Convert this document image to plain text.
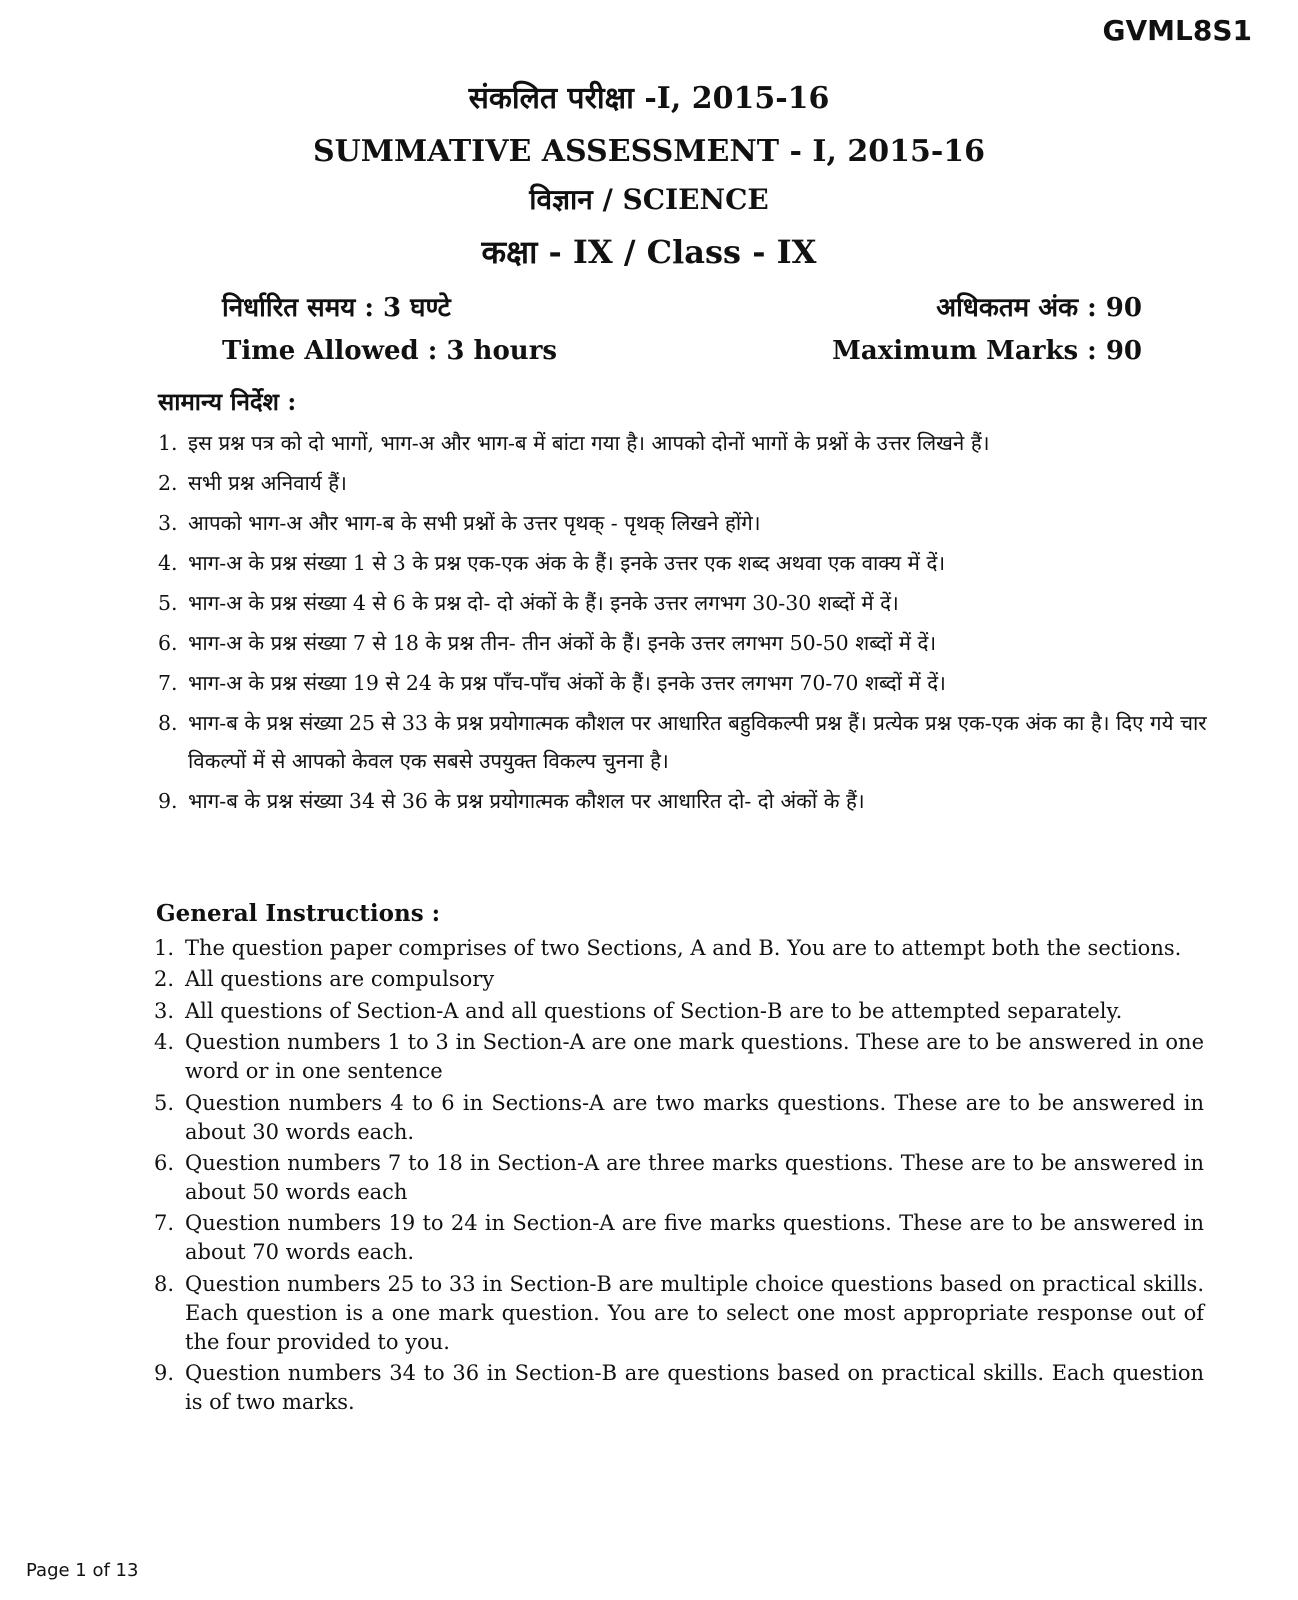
GVML8S1
संकलित परीक्षा -I, 2015-16
SUMMATIVE ASSESSMENT - I, 2015-16
विज्ञान / SCIENCE
कक्षा - IX / Class - IX
निर्धारित समय : 3 घण्टे	अधिकतम अंक : 90
Time Allowed : 3 hours	Maximum Marks : 90
सामान्य निर्देश :
1. इस प्रश्न पत्र को दो भागों, भाग-अ और भाग-ब में बांटा गया है। आपको दोनों भागों के प्रश्नों के उत्तर लिखने हैं।
2. सभी प्रश्न अनिवार्य हैं।
3. आपको भाग-अ और भाग-ब के सभी प्रश्नों के उत्तर पृथक् - पृथक् लिखने होंगे।
4. भाग-अ के प्रश्न संख्या 1 से 3 के प्रश्न एक-एक अंक के हैं। इनके उत्तर एक शब्द अथवा एक वाक्य में दें।
5. भाग-अ के प्रश्न संख्या 4 से 6 के प्रश्न दो- दो अंकों के हैं। इनके उत्तर लगभग 30-30 शब्दों में दें।
6. भाग-अ के प्रश्न संख्या 7 से 18 के प्रश्न तीन- तीन अंकों के हैं। इनके उत्तर लगभग 50-50 शब्दों में दें।
7. भाग-अ के प्रश्न संख्या 19 से 24 के प्रश्न पाँच-पाँच अंकों के हैं। इनके उत्तर लगभग 70-70 शब्दों में दें।
8. भाग-ब के प्रश्न संख्या 25 से 33 के प्रश्न प्रयोगात्मक कौशल पर आधारित बहुविकल्पी प्रश्न हैं। प्रत्येक प्रश्न एक-एक अंक का है। दिए गये चार विकल्पों में से आपको केवल एक सबसे उपयुक्त विकल्प चुनना है।
9. भाग-ब के प्रश्न संख्या 34 से 36 के प्रश्न प्रयोगात्मक कौशल पर आधारित दो- दो अंकों के हैं।
General Instructions :
1. The question paper comprises of two Sections, A and B. You are to attempt both the sections.
2. All questions are compulsory
3. All questions of Section-A and all questions of Section-B are to be attempted separately.
4. Question numbers 1 to 3 in Section-A are one mark questions. These are to be answered in one word or in one sentence
5. Question numbers 4 to 6 in Sections-A are two marks questions. These are to be answered in about 30 words each.
6. Question numbers 7 to 18 in Section-A are three marks questions. These are to be answered in about 50 words each
7. Question numbers 19 to 24 in Section-A are five marks questions. These are to be answered in about 70 words each.
8. Question numbers 25 to 33 in Section-B are multiple choice questions based on practical skills. Each question is a one mark question. You are to select one most appropriate response out of the four provided to you.
9. Question numbers 34 to 36 in Section-B are questions based on practical skills. Each question is of two marks.
Page 1 of 13
